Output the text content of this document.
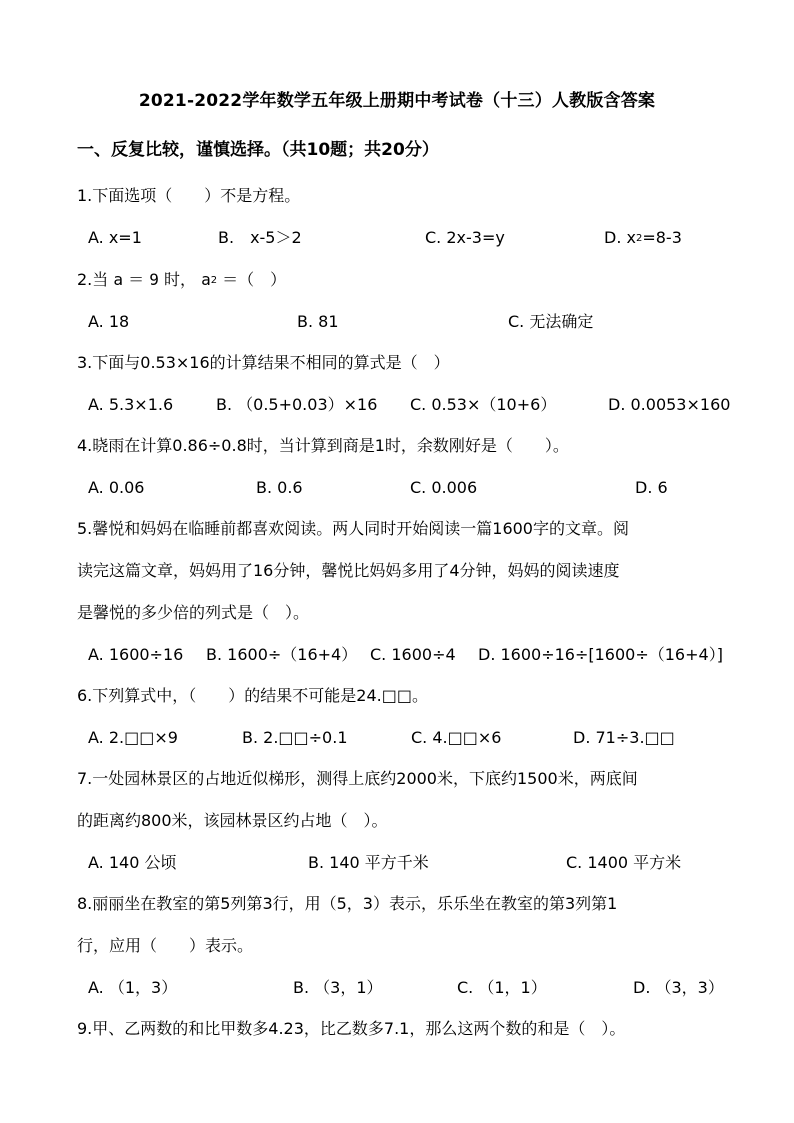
2021-2022学年数学五年级上册期中考试卷（十三）人教版含答案
一、反复比较，谨慎选择。（共10题；共20分）
1.下面选项（　　）不是方程。
A. x=1	B.　x-5＞2	C. 2x-3=y	D. $x^2=8-3$
2.当 a ＝ 9 时， $a^2$ ＝（　）
A. 18	B. 81	C. 无法确定
3.下面与0.53×16的计算结果不相同的算式是（　）
A. 5.3×1.6	B. （0.5+0.03）×16 C. 0.53×（10+6）	D. 0.0053×160
4.晓雨在计算0.86÷0.8时，当计算到商是1时，余数刚好是（　　）。
A. 0.06	B. 0.6	C. 0.006	D. 6
5.馨悦和妈妈在临睡前都喜欢阅读。两人同时开始阅读一篇1600字的文章。阅
读完这篇文章，妈妈用了16分钟，馨悦比妈妈多用了4分钟，妈妈的阅读速度
是馨悦的多少倍的列式是（　）。
A. 1600÷16 B. 1600÷（16+4） C. 1600÷4 D. 1600÷16÷[1600÷（16+4）]
6.下列算式中，（　　）的结果不可能是24.□□。
A. 2.□□×9	B. 2.□□÷0.1	C. 4.□□×6	D. 71÷3.□□
7.一处园林景区的占地近似梯形，测得上底约2000米，下底约1500米，两底间
的距离约800米，该园林景区约占地（　）。
A. 140 公顷	B. 140 平方千米	C. 1400 平方米
8.丽丽坐在教室的第5列第3行，用（5，3）表示，乐乐坐在教室的第3列第1
行，应用（　　）表示。
A. （1，3）	B. （3，1）	C. （1，1）	D. （3，3）
9.甲、乙两数的和比甲数多4.23，比乙数多7.1，那么这两个数的和是（　）。
